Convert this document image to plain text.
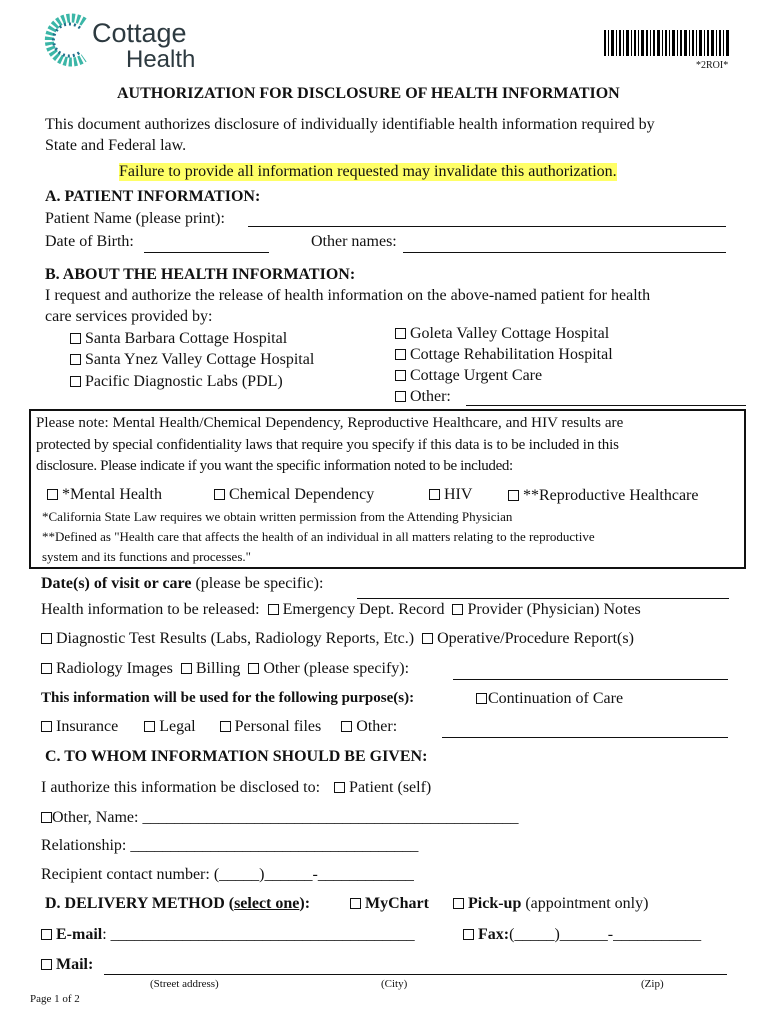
Cottage
Health	*2ROI*
AUTHORIZATION FOR DISCLOSURE OF HEALTH INFORMATION
This document authorizes disclosure of individually identifiable health information required by
State and Federal law.
Failure to provide all information requested may invalidate this authorization.
A. PATIENT INFORMATION:
Patient Name (please print):
Date of Birth:	Other names:
B. ABOUT THE HEALTH INFORMATION:
I request and authorize the release of health information on the above-named patient for health
care services provided by:
Santa Barbara Cottage Hospital
Santa Ynez Valley Cottage Hospital
Pacific Diagnostic Labs (PDL)
Goleta Valley Cottage Hospital
Cottage Rehabilitation Hospital
Cottage Urgent Care
Other:
Please note: Mental Health/Chemical Dependency, Reproductive Healthcare, and HIV results are
protected by special confidentiality laws that require you specify if this data is to be included in this
disclosure. Please indicate if you want the specific information noted to be included:
*Mental Health	Chemical Dependency	HIV	**Reproductive Healthcare
*California State Law requires we obtain written permission from the Attending Physician
**Defined as "Health care that affects the health of an individual in all matters relating to the reproductive
system and its functions and processes."
Date(s) of visit or care (please be specific):
Health information to be released: Emergency Dept. Record Provider (Physician) Notes
Diagnostic Test Results (Labs, Radiology Reports, Etc.) Operative/Procedure Report(s)
Radiology Images Billing Other (please specify):
This information will be used for the following purpose(s):	Continuation of Care
Insurance	Legal Personal files Other:
C. TO WHOM INFORMATION SHOULD BE GIVEN:
I authorize this information be disclosed to: Patient (self)
Other, Name: _______________________________________________
Relationship: ____________________________________
Recipient contact number: (_____)______-____________
D. DELIVERY METHOD (select one):	MyChart	Pick-up (appointment only)
E-mail: ______________________________________	Fax:(_____)______-___________
Mail:
(Street address)	(City)	(Zip)
Page 1 of 2
